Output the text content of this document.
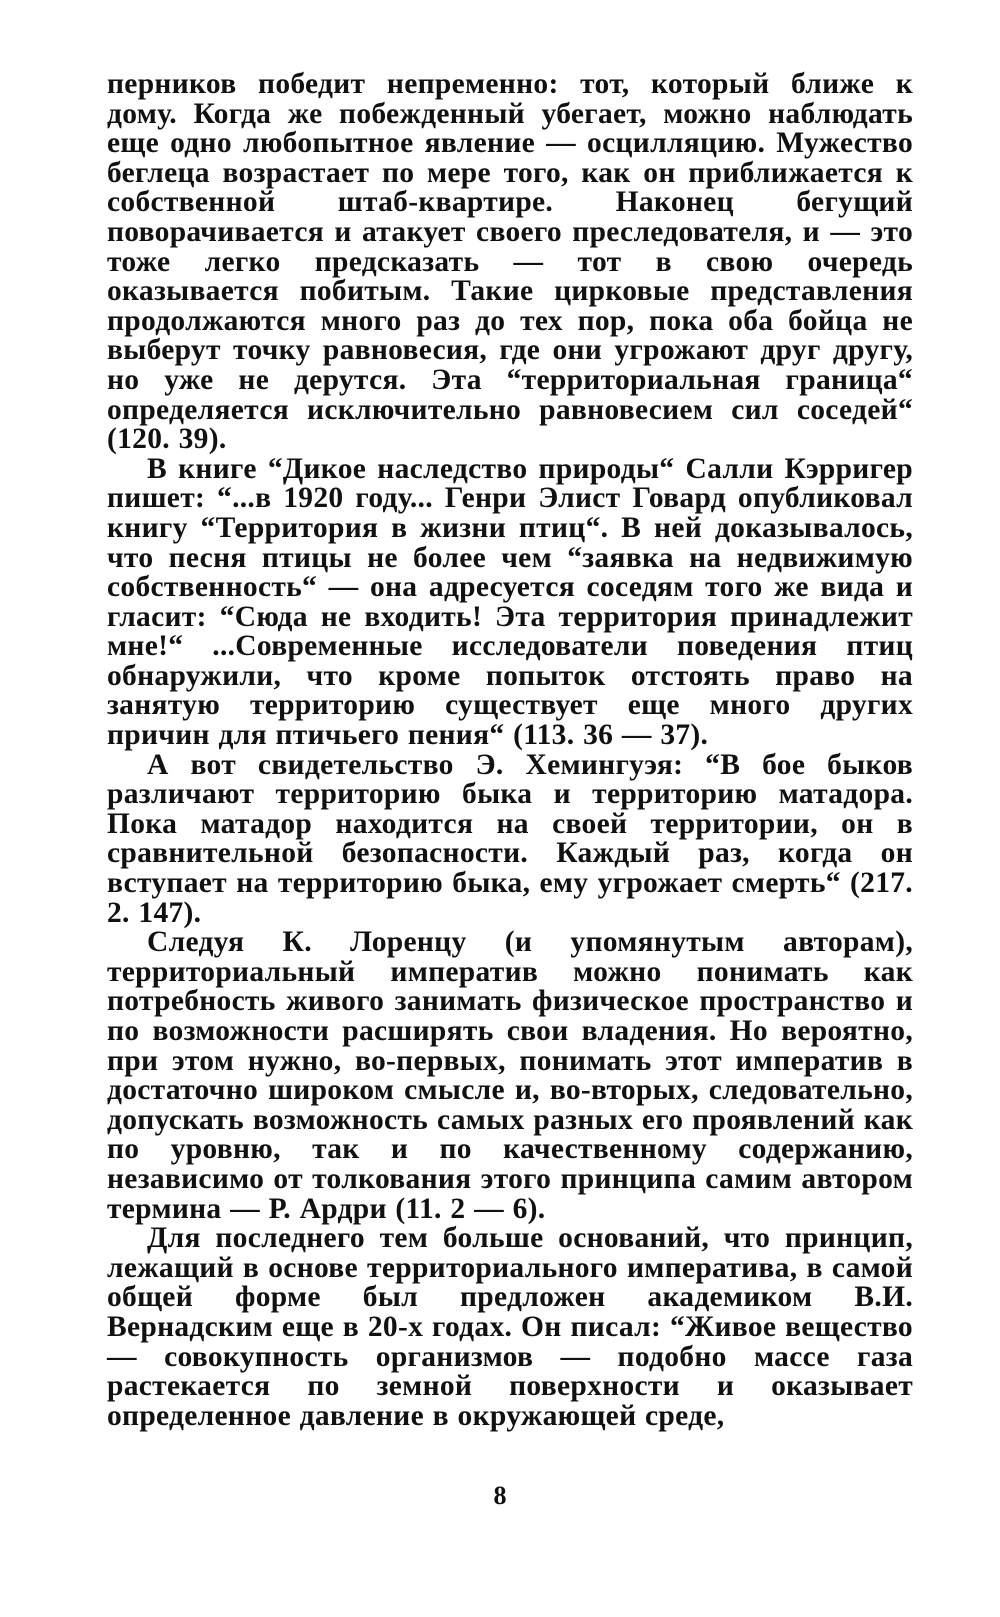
перников победит непременно: тот, который ближе к дому. Когда же побежденный убегает, можно наблюдать еще одно любопытное явление — осцилляцию. Мужество беглеца возрастает по мере того, как он приближается к собственной штаб-квартире. Наконец бегущий поворачивается и атакует своего преследователя, и — это тоже легко предсказать — тот в свою очередь оказывается побитым. Такие цирковые представления продолжаются много раз до тех пор, пока оба бойца не выберут точку равновесия, где они угрожают друг другу, но уже не дерутся. Эта “территориальная граница“ определяется исключительно равновесием сил соседей“ (120. 39).

В книге “Дикое наследство природы“ Салли Кэрригер пишет: “...в 1920 году... Генри Элист Говард опубликовал книгу “Территория в жизни птиц“. В ней доказывалось, что песня птицы не более чем “заявка на недвижимую собственность“ — она адресуется соседям того же вида и гласит: “Сюда не входить! Эта территория принадлежит мне!“ ...Современные исследователи поведения птиц обнаружили, что кроме попыток отстоять право на занятую территорию существует еще много других причин для птичьего пения“ (113. 36 — 37).

А вот свидетельство Э. Хемингуэя: “В бое быков различают территорию быка и территорию матадора. Пока матадор находится на своей территории, он в сравнительной безопасности. Каждый раз, когда он вступает на территорию быка, ему угрожает смерть“ (217. 2. 147).

Следуя К. Лоренцу (и упомянутым авторам), территориальный императив можно понимать как потребность живого занимать физическое пространство и по возможности расширять свои владения. Но вероятно, при этом нужно, во-первых, понимать этот императив в достаточно широком смысле и, во-вторых, следовательно, допускать возможность самых разных его проявлений как по уровню, так и по качественному содержанию, независимо от толкования этого принципа самим автором термина — Р. Ардри (11. 2 — 6).

Для последнего тем больше оснований, что принцип, лежащий в основе территориального императива, в самой общей форме был предложен академиком В.И. Вернадским еще в 20-х годах. Он писал: “Живое вещество — совокупность организмов — подобно массе газа растекается по земной поверхности и оказывает определенное давление в окружающей среде,

8
